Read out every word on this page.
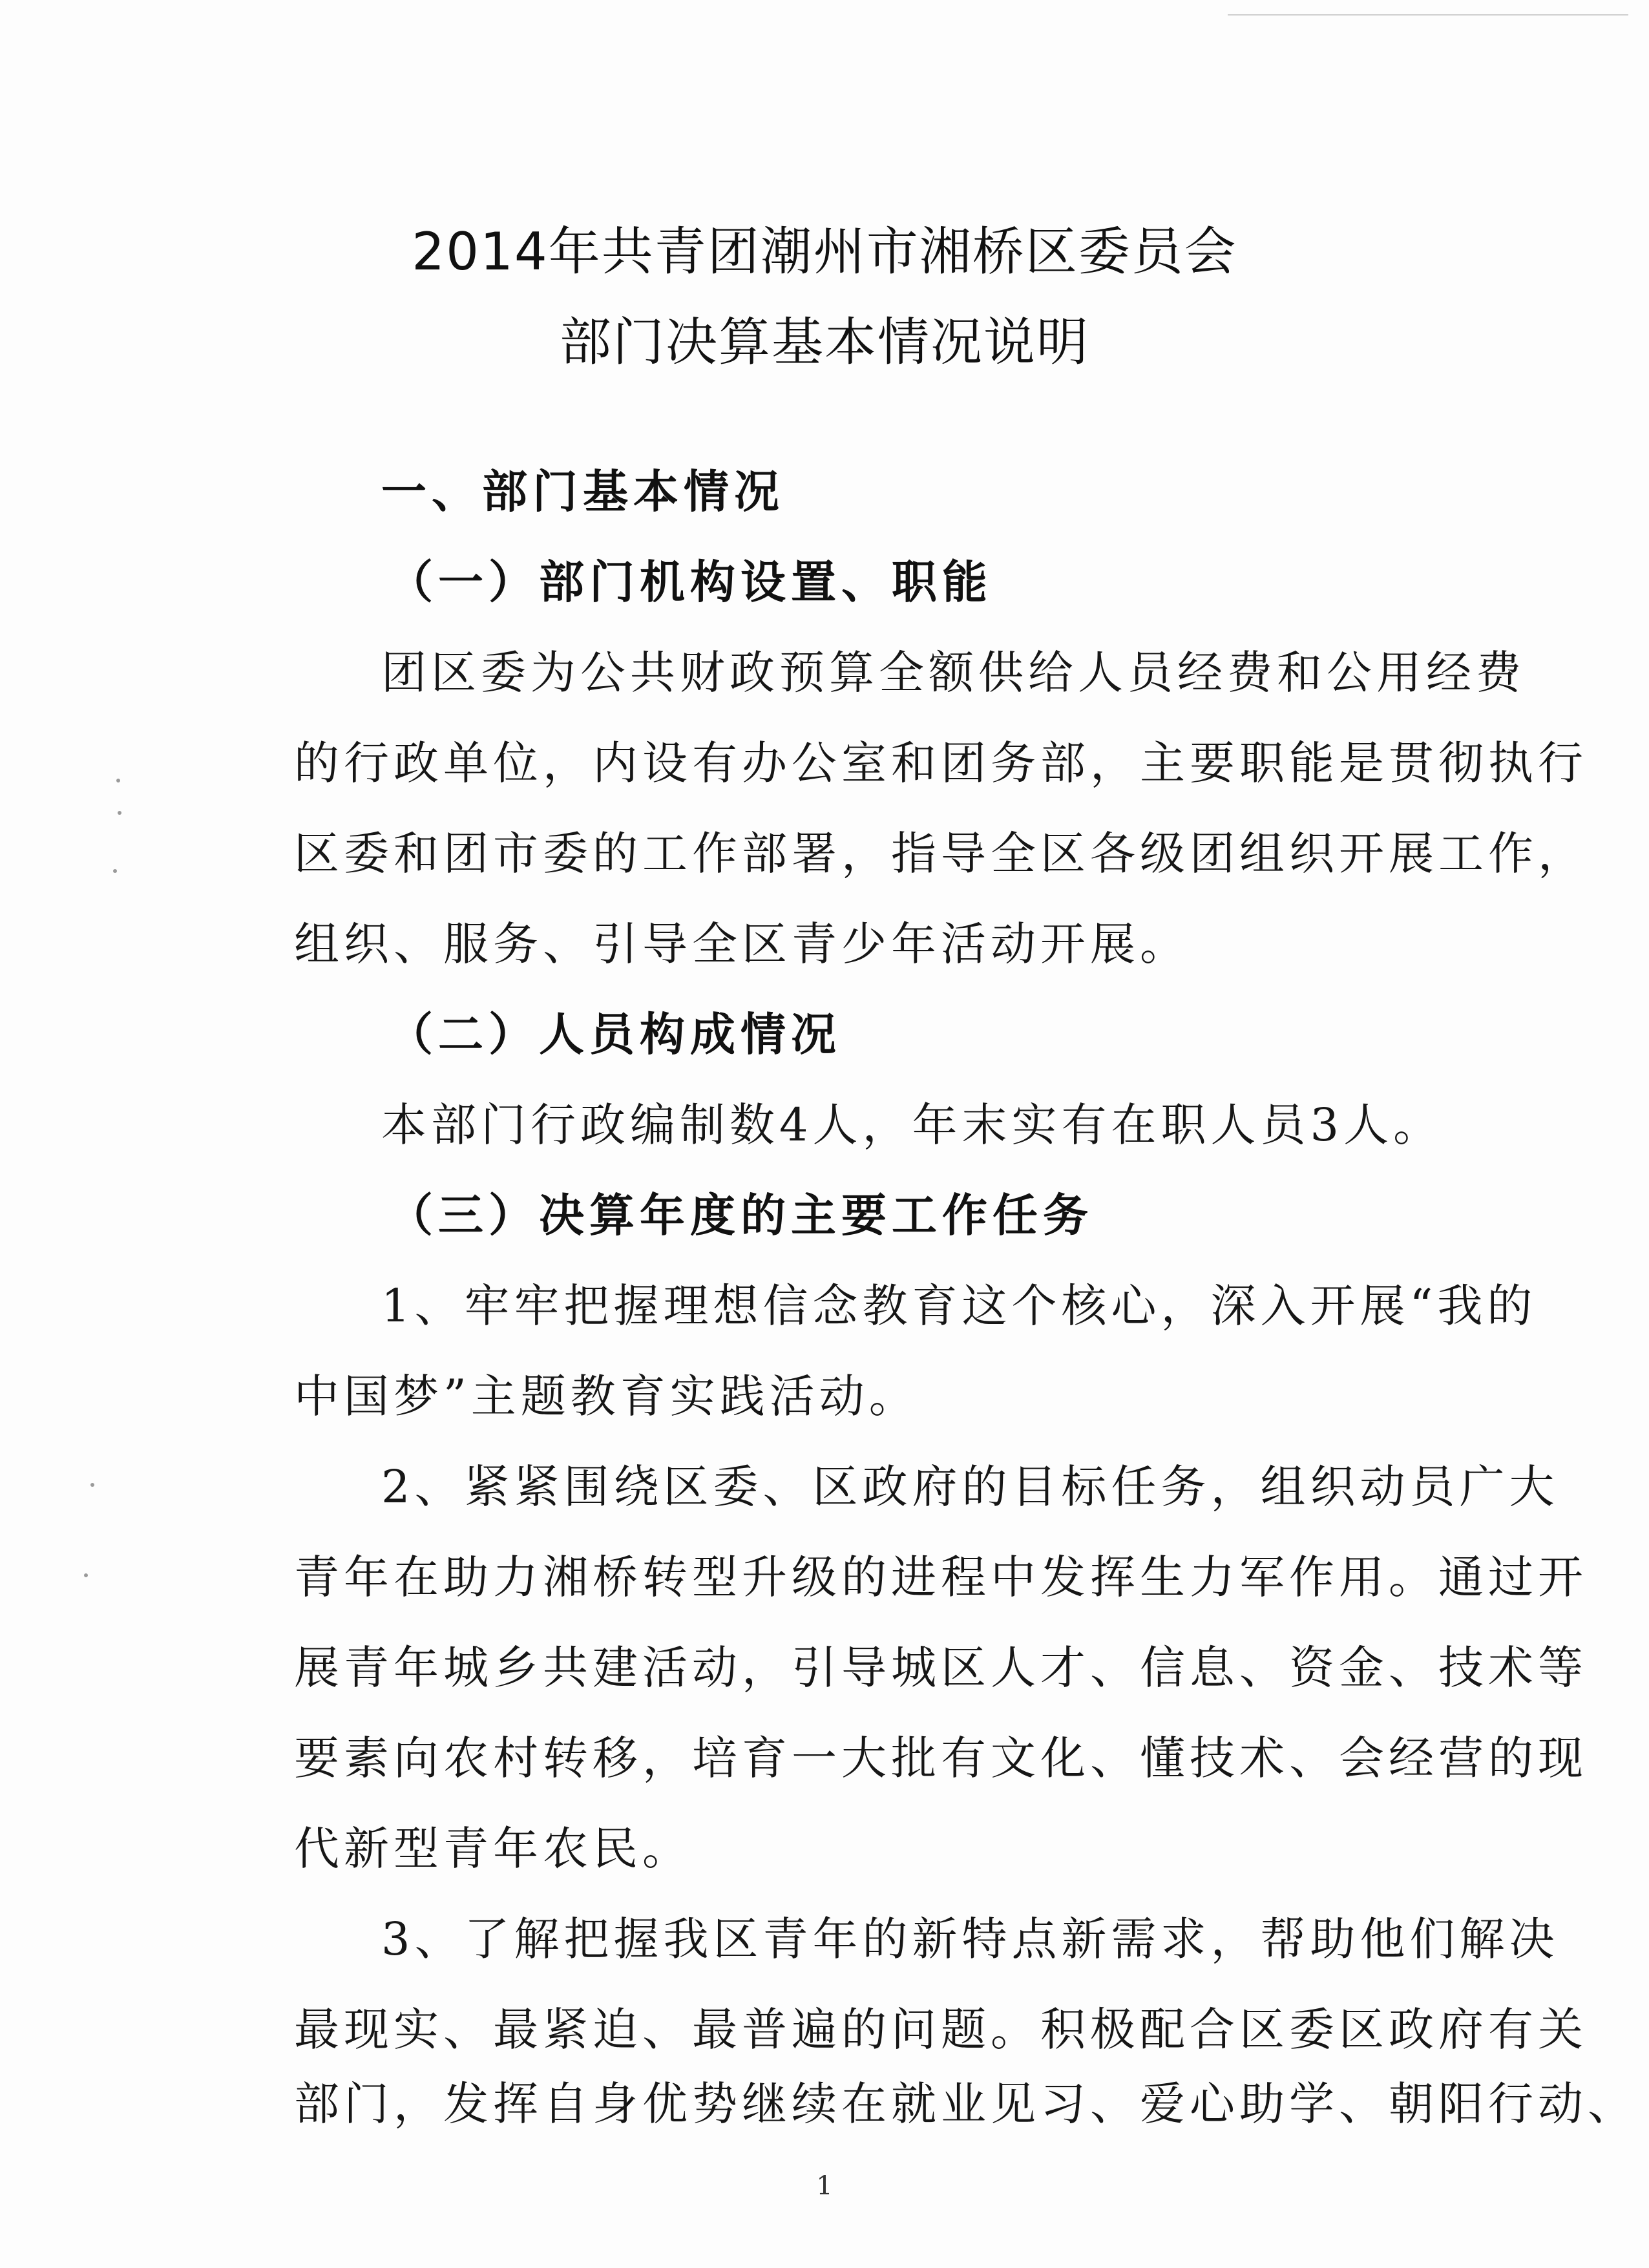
2014年共青团潮州市湘桥区委员会
部门决算基本情况说明
一、部门基本情况
（一）部门机构设置、职能
团区委为公共财政预算全额供给人员经费和公用经费
的行政单位，内设有办公室和团务部，主要职能是贯彻执行
区委和团市委的工作部署，指导全区各级团组织开展工作，
组织、服务、引导全区青少年活动开展。
（二）人员构成情况
本部门行政编制数4人，年末实有在职人员3人。
（三）决算年度的主要工作任务
1、牢牢把握理想信念教育这个核心，深入开展“我的
中国梦”主题教育实践活动。
2、紧紧围绕区委、区政府的目标任务，组织动员广大
青年在助力湘桥转型升级的进程中发挥生力军作用。通过开
展青年城乡共建活动，引导城区人才、信息、资金、技术等
要素向农村转移，培育一大批有文化、懂技术、会经营的现
代新型青年农民。
3、了解把握我区青年的新特点新需求，帮助他们解决
最现实、最紧迫、最普遍的问题。积极配合区委区政府有关
部门，发挥自身优势继续在就业见习、爱心助学、朝阳行动、
1
